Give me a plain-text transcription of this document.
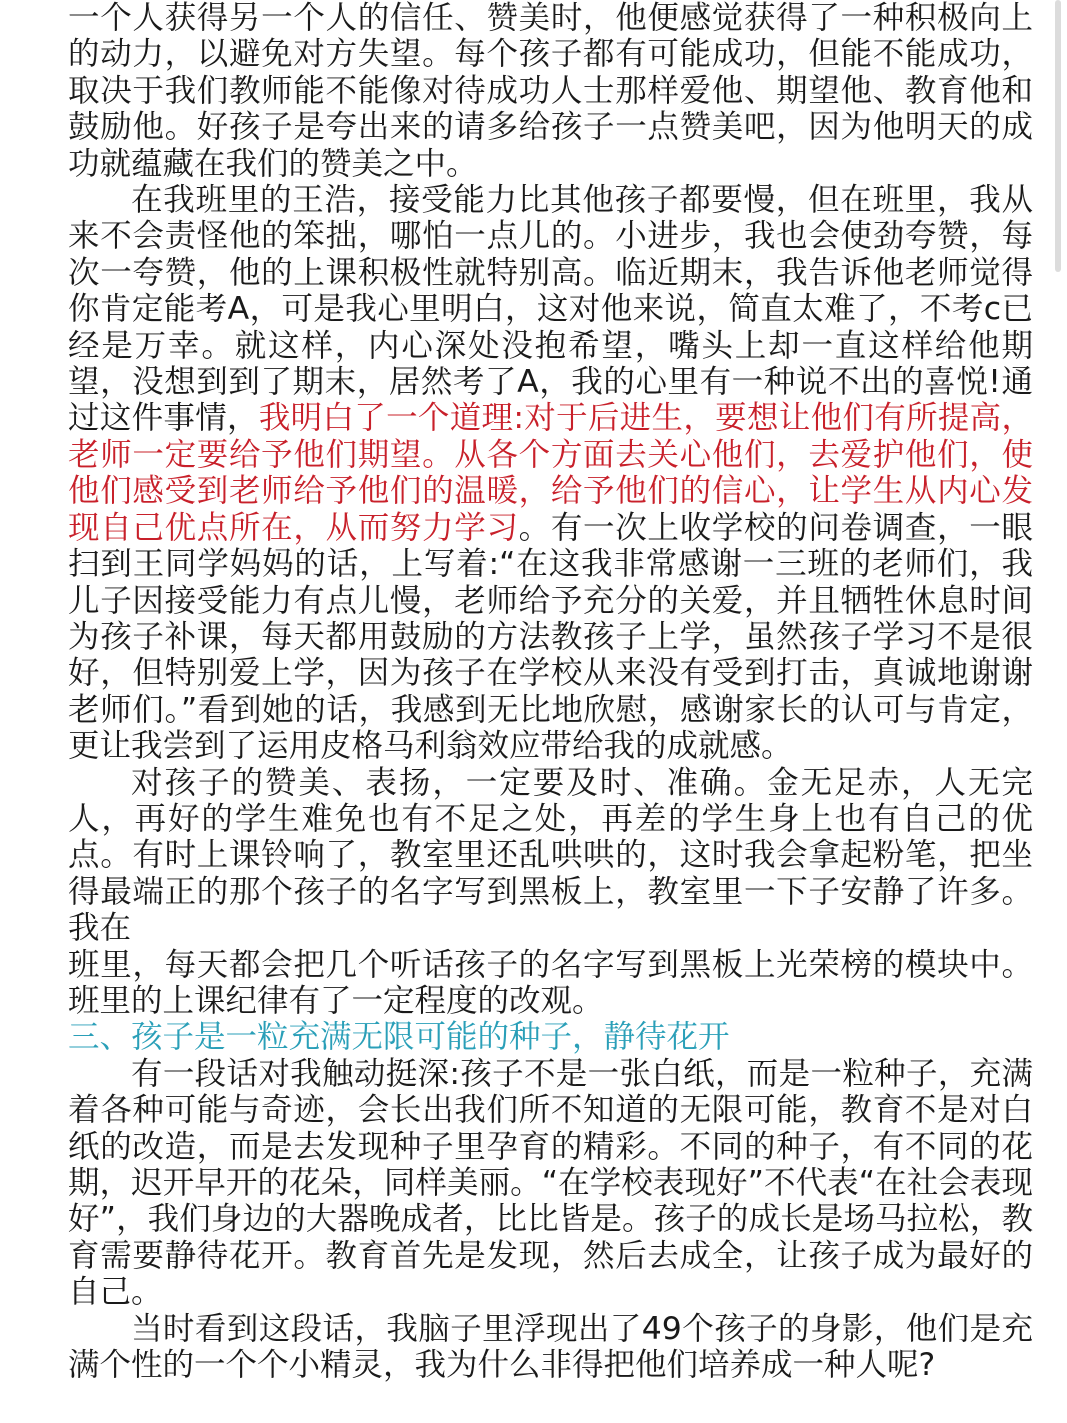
一个人获得另一个人的信任、赞美时，他便感觉获得了一种积极向上的动力，以避免对方失望。每个孩子都有可能成功，但能不能成功，取决于我们教师能不能像对待成功人士那样爱他、期望他、教育他和鼓励他。好孩子是夸出来的请多给孩子一点赞美吧，因为他明天的成功就蕴藏在我们的赞美之中。

在我班里的王浩，接受能力比其他孩子都要慢，但在班里，我从来不会责怪他的笨拙，哪怕一点儿的。小进步，我也会使劲夸赞，每次一夸赞，他的上课积极性就特别高。临近期末，我告诉他老师觉得你肯定能考A，可是我心里明白，这对他来说，简直太难了，不考c已经是万幸。就这样，内心深处没抱希望，嘴头上却一直这样给他期望，没想到到了期末，居然考了A，我的心里有一种说不出的喜悦!通过这件事情，我明白了一个道理:对于后进生，要想让他们有所提高，老师一定要给予他们期望。从各个方面去关心他们，去爱护他们，使他们感受到老师给予他们的温暖，给予他们的信心，让学生从内心发现自己优点所在，从而努力学习。有一次上收学校的问卷调查，一眼扫到王同学妈妈的话，上写着:“在这我非常感谢一三班的老师们，我儿子因接受能力有点儿慢，老师给予充分的关爱，并且牺牲休息时间为孩子补课，每天都用鼓励的方法教孩子上学，虽然孩子学习不是很好，但特别爱上学，因为孩子在学校从来没有受到打击，真诚地谢谢老师们。”看到她的话，我感到无比地欣慰，感谢家长的认可与肯定，更让我尝到了运用皮格马利翁效应带给我的成就感。

对孩子的赞美、表扬，一定要及时、准确。金无足赤，人无完人，再好的学生难免也有不足之处，再差的学生身上也有自己的优点。有时上课铃响了，教室里还乱哄哄的，这时我会拿起粉笔，把坐得最端正的那个孩子的名字写到黑板上，教室里一下子安静了许多。我在

班里，每天都会把几个听话孩子的名字写到黑板上光荣榜的模块中。班里的上课纪律有了一定程度的改观。

三、孩子是一粒充满无限可能的种子，静待花开

有一段话对我触动挺深:孩子不是一张白纸，而是一粒种子，充满着各种可能与奇迹，会长出我们所不知道的无限可能，教育不是对白纸的改造，而是去发现种子里孕育的精彩。不同的种子，有不同的花期，迟开早开的花朵，同样美丽。“在学校表现好”不代表“在社会表现好”，我们身边的大器晚成者，比比皆是。孩子的成长是场马拉松，教育需要静待花开。教育首先是发现，然后去成全，让孩子成为最好的自己。

当时看到这段话，我脑子里浮现出了49个孩子的身影，他们是充满个性的一个个小精灵，我为什么非得把他们培养成一种人呢?
